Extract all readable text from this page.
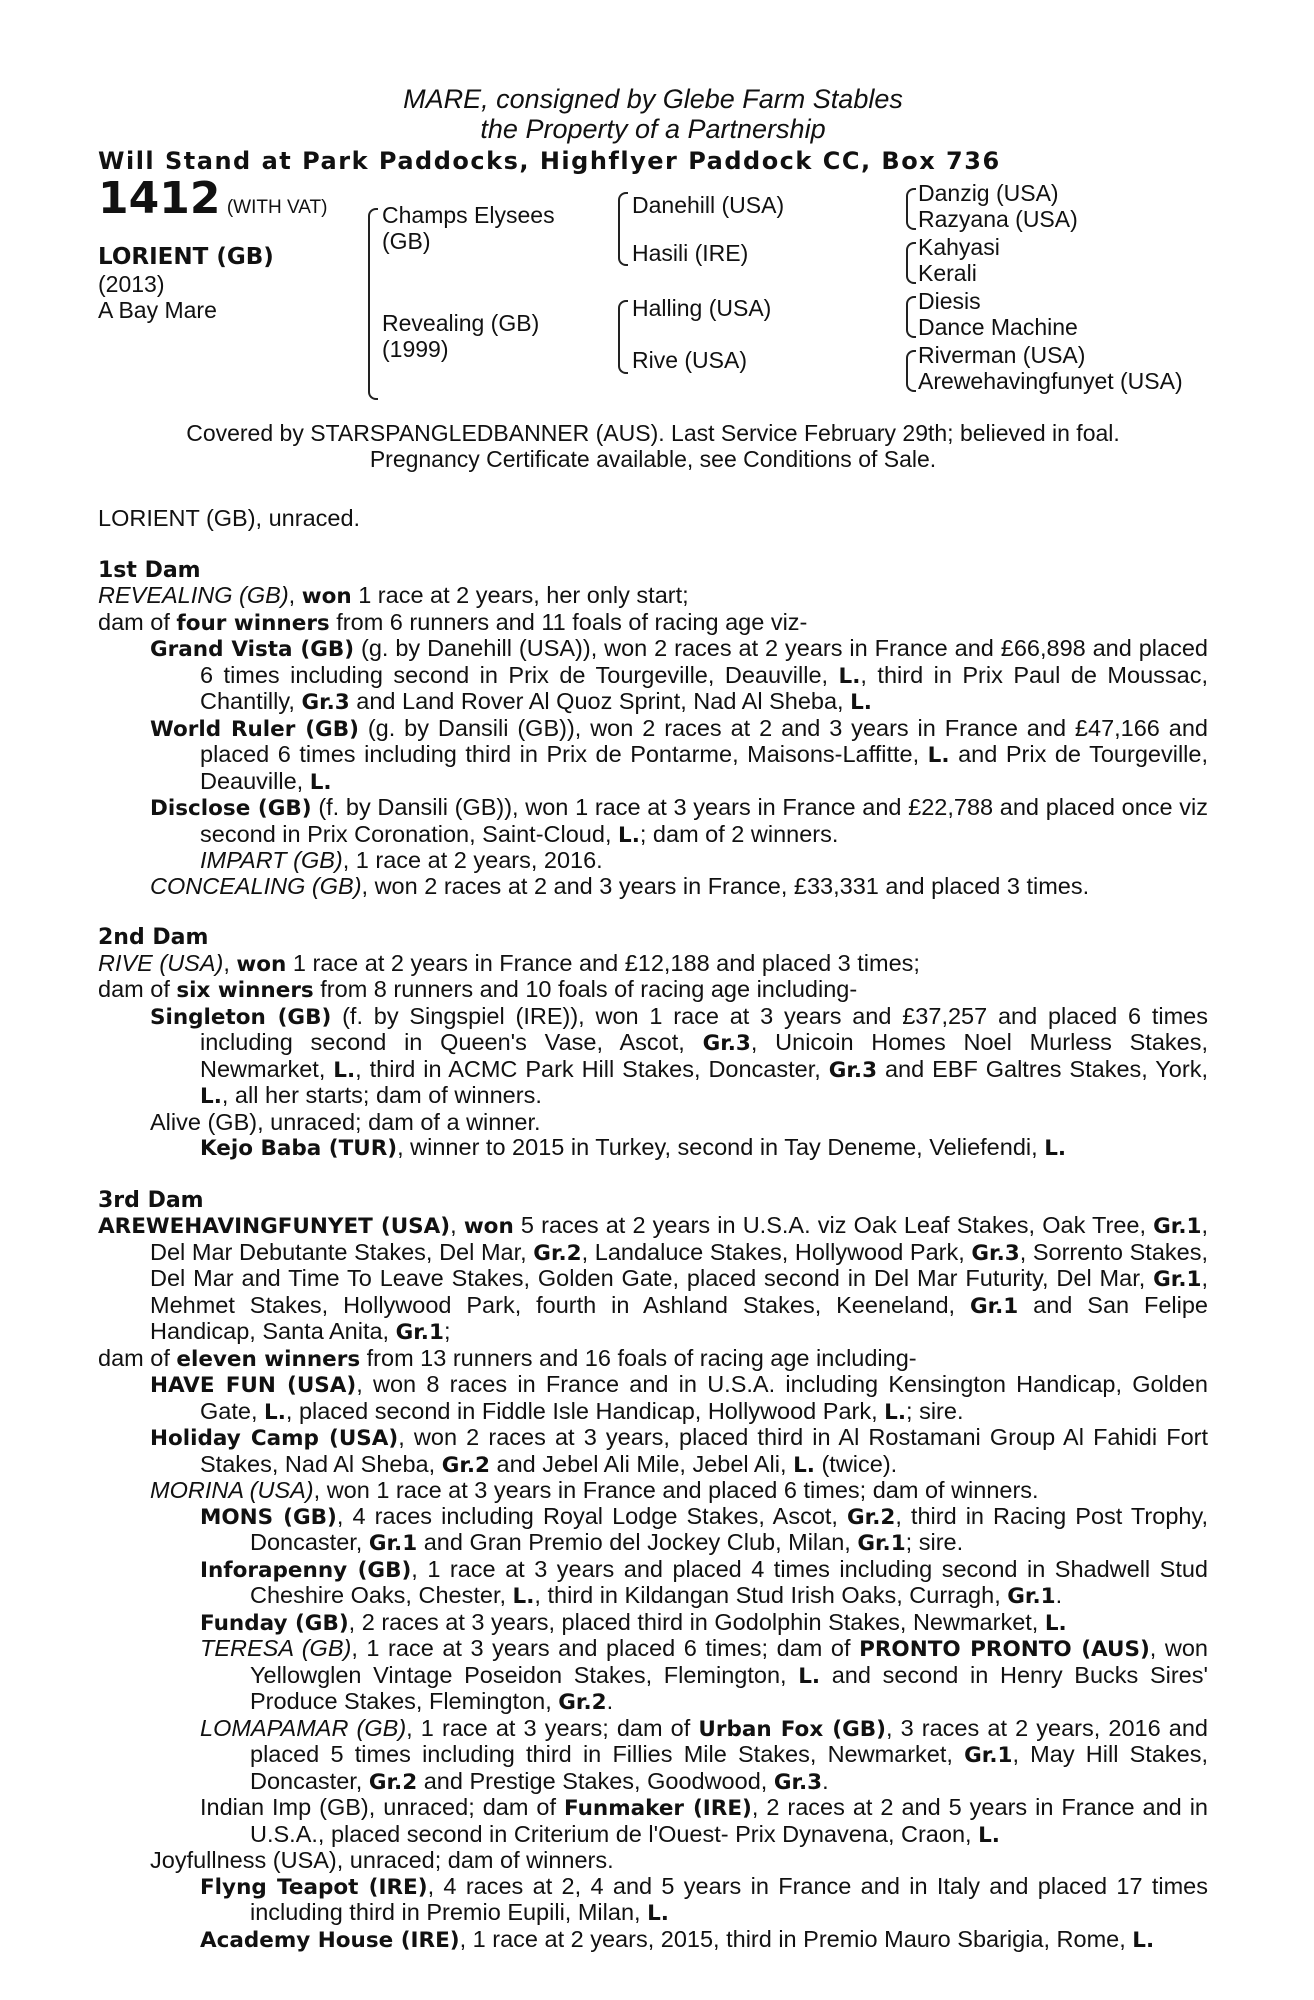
MARE, consigned by Glebe Farm Stables
the Property of a Partnership
Will Stand at Park Paddocks, Highflyer Paddock CC, Box 736
1412 (WITH VAT)
LORIENT (GB)
(2013)
A Bay Mare
Champs Elysees
(GB)
Revealing (GB)
(1999)
Danehill (USA)
Hasili (IRE)
Halling (USA)
Rive (USA)
Danzig (USA)
Razyana (USA)
Kahyasi
Kerali
Diesis
Dance Machine
Riverman (USA)
Arewehavingfunyet (USA)
Covered by STARSPANGLEDBANNER (AUS). Last Service February 29th; believed in foal.
Pregnancy Certificate available, see Conditions of Sale.

LORIENT (GB), unraced.

1st Dam

REVEALING (GB), won 1 race at 2 years, her only start;

dam of four winners from 6 runners and 11 foals of racing age viz-

Grand Vista (GB) (g. by Danehill (USA)), won 2 races at 2 years in France and £66,898 and placed 6 times including second in Prix de Tourgeville, Deauville, L., third in Prix Paul de Moussac, Chantilly, Gr.3 and Land Rover Al Quoz Sprint, Nad Al Sheba, L.

World Ruler (GB) (g. by Dansili (GB)), won 2 races at 2 and 3 years in France and £47,166 and placed 6 times including third in Prix de Pontarme, Maisons-Laffitte, L. and Prix de Tourgeville, Deauville, L.

Disclose (GB) (f. by Dansili (GB)), won 1 race at 3 years in France and £22,788 and placed once viz second in Prix Coronation, Saint-Cloud, L.; dam of 2 winners.

IMPART (GB), 1 race at 2 years, 2016.

CONCEALING (GB), won 2 races at 2 and 3 years in France, £33,331 and placed 3 times.

2nd Dam

RIVE (USA), won 1 race at 2 years in France and £12,188 and placed 3 times;

dam of six winners from 8 runners and 10 foals of racing age including-

Singleton (GB) (f. by Singspiel (IRE)), won 1 race at 3 years and £37,257 and placed 6 times including second in Queen's Vase, Ascot, Gr.3, Unicoin Homes Noel Murless Stakes, Newmarket, L., third in ACMC Park Hill Stakes, Doncaster, Gr.3 and EBF Galtres Stakes, York, L., all her starts; dam of winners.

Alive (GB), unraced; dam of a winner.

Kejo Baba (TUR), winner to 2015 in Turkey, second in Tay Deneme, Veliefendi, L.

3rd Dam

AREWEHAVINGFUNYET (USA), won 5 races at 2 years in U.S.A. viz Oak Leaf Stakes, Oak Tree, Gr.1, Del Mar Debutante Stakes, Del Mar, Gr.2, Landaluce Stakes, Hollywood Park, Gr.3, Sorrento Stakes, Del Mar and Time To Leave Stakes, Golden Gate, placed second in Del Mar Futurity, Del Mar, Gr.1, Mehmet Stakes, Hollywood Park, fourth in Ashland Stakes, Keeneland, Gr.1 and San Felipe Handicap, Santa Anita, Gr.1;

dam of eleven winners from 13 runners and 16 foals of racing age including-

HAVE FUN (USA), won 8 races in France and in U.S.A. including Kensington Handicap, Golden Gate, L., placed second in Fiddle Isle Handicap, Hollywood Park, L.; sire.

Holiday Camp (USA), won 2 races at 3 years, placed third in Al Rostamani Group Al Fahidi Fort Stakes, Nad Al Sheba, Gr.2 and Jebel Ali Mile, Jebel Ali, L. (twice).

MORINA (USA), won 1 race at 3 years in France and placed 6 times; dam of winners.

MONS (GB), 4 races including Royal Lodge Stakes, Ascot, Gr.2, third in Racing Post Trophy, Doncaster, Gr.1 and Gran Premio del Jockey Club, Milan, Gr.1; sire.

Inforapenny (GB), 1 race at 3 years and placed 4 times including second in Shadwell Stud Cheshire Oaks, Chester, L., third in Kildangan Stud Irish Oaks, Curragh, Gr.1.

Funday (GB), 2 races at 3 years, placed third in Godolphin Stakes, Newmarket, L.

TERESA (GB), 1 race at 3 years and placed 6 times; dam of PRONTO PRONTO (AUS), won Yellowglen Vintage Poseidon Stakes, Flemington, L. and second in Henry Bucks Sires' Produce Stakes, Flemington, Gr.2.

LOMAPAMAR (GB), 1 race at 3 years; dam of Urban Fox (GB), 3 races at 2 years, 2016 and placed 5 times including third in Fillies Mile Stakes, Newmarket, Gr.1, May Hill Stakes, Doncaster, Gr.2 and Prestige Stakes, Goodwood, Gr.3.

Indian Imp (GB), unraced; dam of Funmaker (IRE), 2 races at 2 and 5 years in France and in U.S.A., placed second in Criterium de l'Ouest- Prix Dynavena, Craon, L.

Joyfullness (USA), unraced; dam of winners.

Flyng Teapot (IRE), 4 races at 2, 4 and 5 years in France and in Italy and placed 17 times including third in Premio Eupili, Milan, L.

Academy House (IRE), 1 race at 2 years, 2015, third in Premio Mauro Sbarigia, Rome, L.
